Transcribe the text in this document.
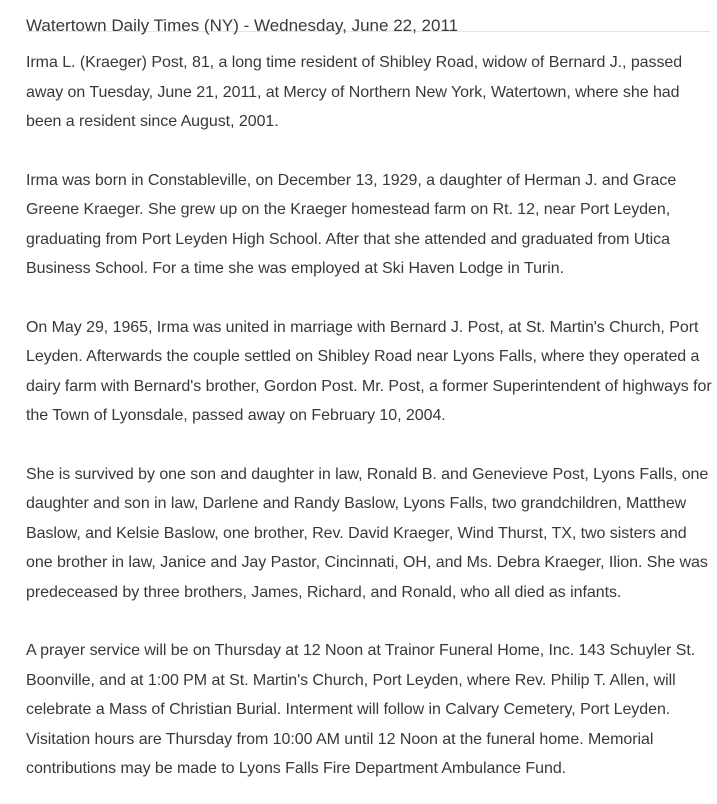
Watertown Daily Times (NY) - Wednesday, June 22, 2011

Irma L. (Kraeger) Post, 81, a long time resident of Shibley Road, widow of Bernard J., passed away on Tuesday, June 21, 2011, at Mercy of Northern New York, Watertown, where she had been a resident since August, 2001.

Irma was born in Constableville, on December 13, 1929, a daughter of Herman J. and Grace Greene Kraeger. She grew up on the Kraeger homestead farm on Rt. 12, near Port Leyden, graduating from Port Leyden High School. After that she attended and graduated from Utica Business School. For a time she was employed at Ski Haven Lodge in Turin.

On May 29, 1965, Irma was united in marriage with Bernard J. Post, at St. Martin's Church, Port Leyden. Afterwards the couple settled on Shibley Road near Lyons Falls, where they operated a dairy farm with Bernard's brother, Gordon Post. Mr. Post, a former Superintendent of highways for the Town of Lyonsdale, passed away on February 10, 2004.

She is survived by one son and daughter in law, Ronald B. and Genevieve Post, Lyons Falls, one daughter and son in law, Darlene and Randy Baslow, Lyons Falls, two grandchildren, Matthew Baslow, and Kelsie Baslow, one brother, Rev. David Kraeger, Wind Thurst, TX, two sisters and one brother in law, Janice and Jay Pastor, Cincinnati, OH, and Ms. Debra Kraeger, Ilion. She was predeceased by three brothers, James, Richard, and Ronald, who all died as infants.

A prayer service will be on Thursday at 12 Noon at Trainor Funeral Home, Inc. 143 Schuyler St. Boonville, and at 1:00 PM at St. Martin's Church, Port Leyden, where Rev. Philip T. Allen, will celebrate a Mass of Christian Burial. Interment will follow in Calvary Cemetery, Port Leyden. Visitation hours are Thursday from 10:00 AM until 12 Noon at the funeral home. Memorial contributions may be made to Lyons Falls Fire Department Ambulance Fund.
